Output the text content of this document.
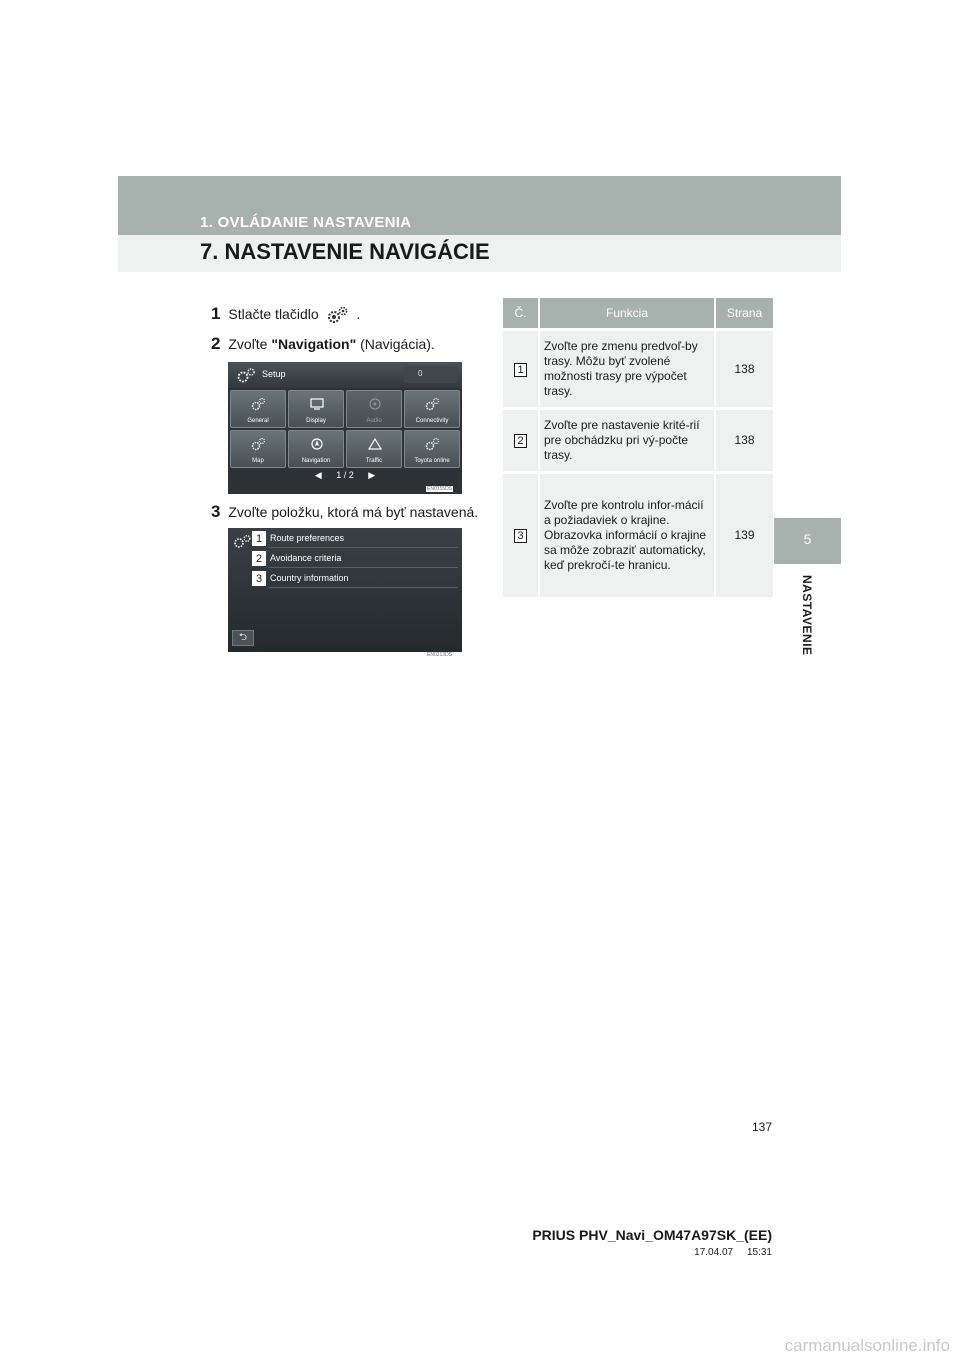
1. OVLÁDANIE NASTAVENIA
7. NASTAVENIE NAVIGÁCIE
5
NASTAVENIE
1 Stlačte tlačidlo	.
2 Zvoľte "Navigation" (Navigácia).
Setup	0
General	Display	Audio	Connectivity
Map	Navigation	Traffic	Toyota online
◀ 1 / 2 ▶
EN0155DS
3 Zvoľte položku, ktorá má byť nastavená.
1 Route preferences
2 Avoidance criteria
3 Country information
⮌
EN0213DS
Č.	Funkcia	Strana
1	Zvoľte pre zmenu predvoľ-by trasy. Môžu byť zvolené možnosti trasy pre výpočet trasy.	138
2	Zvoľte pre nastavenie krité-rií pre obchádzku pri vý-počte trasy.	138
3	Zvoľte pre kontrolu infor-mácií a požiadaviek o krajine. Obrazovka informácií o krajine sa môže zobraziť automaticky, keď prekročí-te hranicu.	139
137
PRIUS PHV_Navi_OM47A97SK_(EE)
17.04.07     15:31
carmanualsonline.info
